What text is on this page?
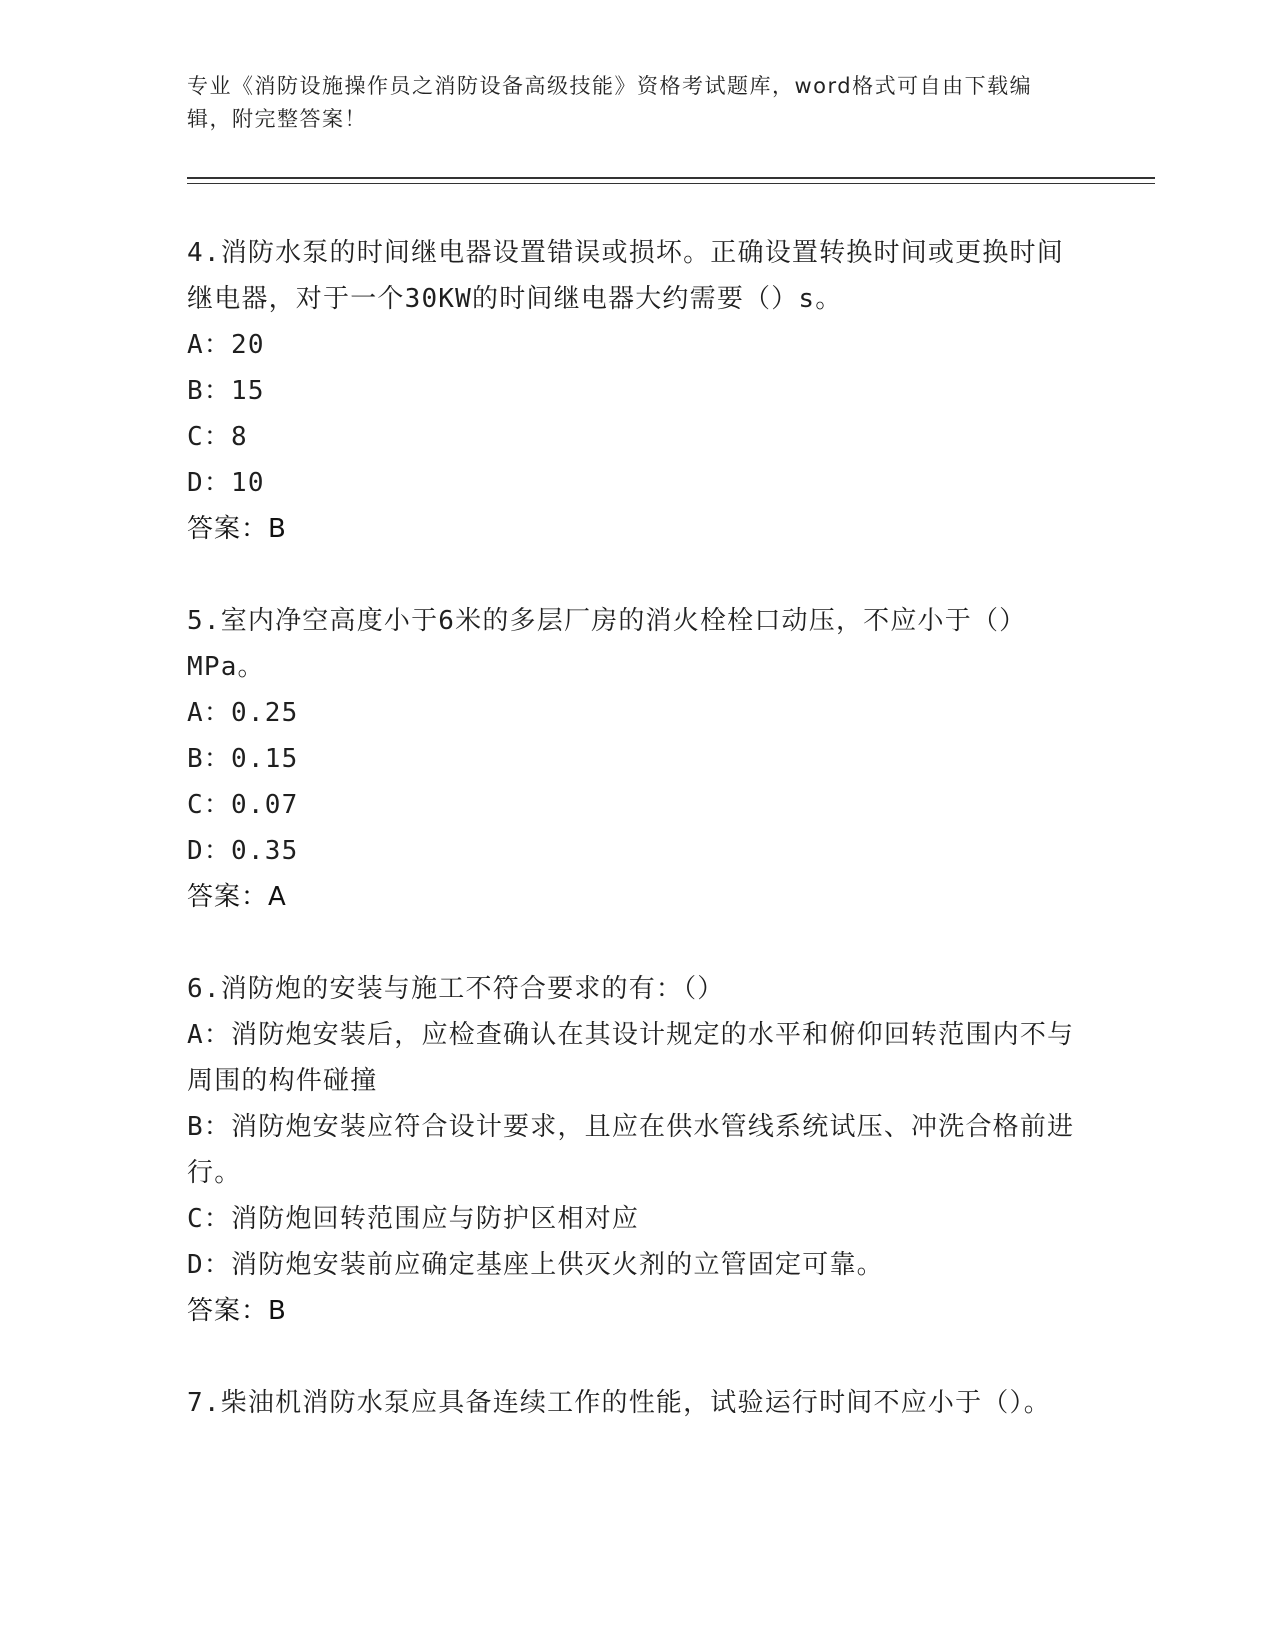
专业《消防设施操作员之消防设备高级技能》资格考试题库，word格式可自由下载编辑，附完整答案！

4.消防水泵的时间继电器设置错误或损坏。正确设置转换时间或更换时间继电器，对于一个30KW的时间继电器大约需要（）s。

A：20

B：15

C：8

D：10

答案：B

5.室内净空高度小于6米的多层厂房的消火栓栓口动压，不应小于（）MPa。

A：0.25

B：0.15

C：0.07

D：0.35

答案：A

6.消防炮的安装与施工不符合要求的有：（）

A：消防炮安装后，应检查确认在其设计规定的水平和俯仰回转范围内不与周围的构件碰撞

B：消防炮安装应符合设计要求，且应在供水管线系统试压、冲洗合格前进行。

C：消防炮回转范围应与防护区相对应

D：消防炮安装前应确定基座上供灭火剂的立管固定可靠。

答案：B

7.柴油机消防水泵应具备连续工作的性能，试验运行时间不应小于（）。
